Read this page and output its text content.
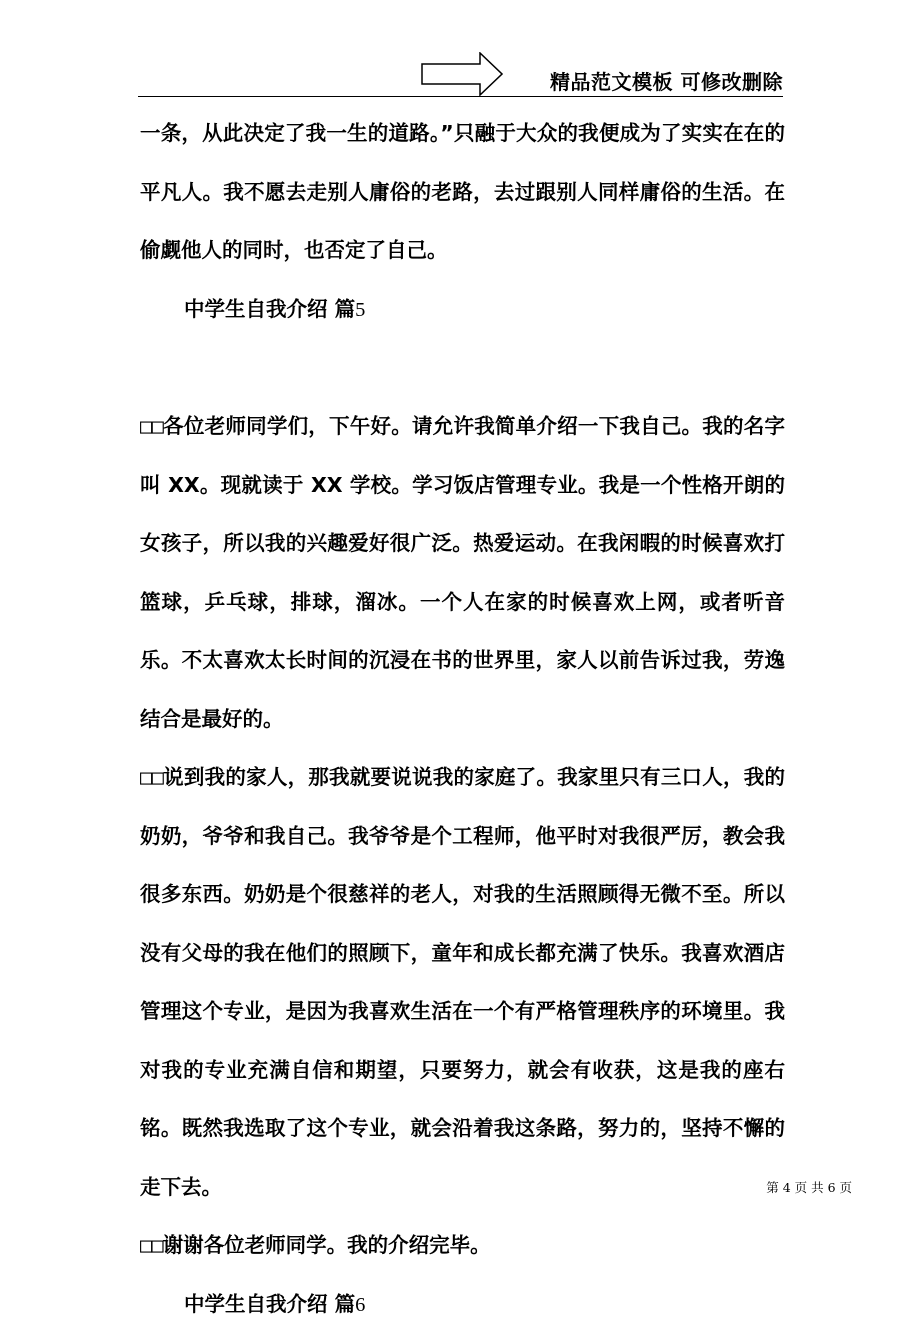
精品范文模板 可修改删除

一条，从此决定了我一生的道路。”只融于大众的我便成为了实实在在的平凡人。我不愿去走别人庸俗的老路，去过跟别人同样庸俗的生活。在偷觑他人的同时，也否定了自己。

中学生自我介绍 篇5

□□各位老师同学们，下午好。请允许我简单介绍一下我自己。我的名字叫 XX。现就读于 XX 学校。学习饭店管理专业。我是一个性格开朗的女孩子，所以我的兴趣爱好很广泛。热爱运动。在我闲暇的时候喜欢打篮球，乒乓球，排球，溜冰。一个人在家的时候喜欢上网，或者听音乐。不太喜欢太长时间的沉浸在书的世界里，家人以前告诉过我，劳逸结合是最好的。

□□说到我的家人，那我就要说说我的家庭了。我家里只有三口人，我的奶奶，爷爷和我自己。我爷爷是个工程师，他平时对我很严厉，教会我很多东西。奶奶是个很慈祥的老人，对我的生活照顾得无微不至。所以没有父母的我在他们的照顾下，童年和成长都充满了快乐。我喜欢酒店管理这个专业，是因为我喜欢生活在一个有严格管理秩序的环境里。我对我的专业充满自信和期望，只要努力，就会有收获，这是我的座右铭。既然我选取了这个专业，就会沿着我这条路，努力的，坚持不懈的走下去。

□□谢谢各位老师同学。我的介绍完毕。

中学生自我介绍 篇6

第 4 页 共 6 页
